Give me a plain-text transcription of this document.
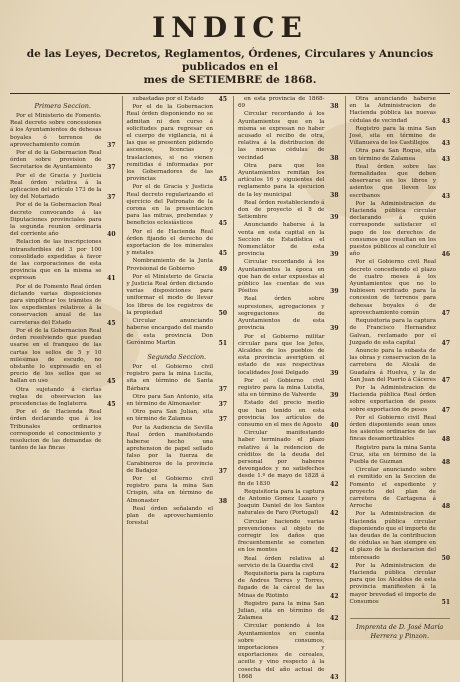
INDICE
de las Leyes, Decretos, Reglamentos, Órdenes, Circulares y Anuncios publicados en el
mes de SETIEMBRE de 1868.
Primera Seccion.
Por el Ministerio de Fomento. Real decreto sobre concesiones á los Ayuntamientos de dehesas boyales ó terrenos de aprovechamiento común	37
Por el de la Gobernacion Real órden sobre provision de Secretarios de Ayuntamiento	37
Por el de Gracia y Justicia Real órden relativa á la aplicacion del artículo 173 de la ley del Notariado	37
Por el de la Gobernacion Real decreto convocando á las Diputaciones provinciales para la segunda reunion ordinaria del corriente año	40
Relacion de las inscripciones intransferibles del 3 por 100 consolidado expedidas á favor de las corporaciones de esta provincia que en la misma se expresan	41
Por el de Fomento Real órden dictando varias disposiciones para simplificar los trámites de los expedientes relativos á la conservacion anual de las carreteras del Estado	45
Por el de la Gobernacion Real órden resolviendo que puedan usarse en el franqueo de las cartas los sellos de 5 y 10 milésimas de escudo, no obstante lo expresado en el precio de los sellos que se hallan en uso	45
Otra sujetando á ciertas reglas de observacion las procedencias de Inglaterra	45
Por el de Hacienda Real órden declarando que á los Tribunales ordinarios corresponde el conocimiento y resolucion de las demandas de tanteo de las fincas
subastadas por el Estado	45
Por el de la Gobernacion Real órden disponiendo no se admitan ni den curso á solicitudes para regresar en el cuerpo de vigilancia, ni á las que se presenten pidiendo ascensos, licencias y traslaciones, si no vienen remitidas é informadas por los Gobernadores de las provincias	45
Por el de Gracia y Justicia Real decreto regularizando el ejercicio del Patronato de la corona en la presentacion para las mitras, prebendas y beneficios eclesiásticos	45
Por el de Hacienda Real órden fijando el derecho de exportacion de los minerales y metales	45
Nombramiento de la Junta Provisional de Gobierno	49
Por el Ministerio de Gracia y Justicia Real órden dictando varias disposiciones para uniformar el modo de llevar los libros de los registros de la propiedad	50
Circular anunciando haberse encargado del mando de esta provincia Don Gerónimo Martin	51
Segunda Seccion.
Por el Gobierno civil registro para la mina Lucila, sita en término de Santa Bárbara	37
Otro para San Antonio, sita en término de Almonaster	37
Otro para San Julian, sita en término de Zalamea	37
Por la Audiencia de Sevilla Real órden manifestando haberse hecho una aprehension de papel sellado falso por la fuerza de Carabineros de la provincia de Badajoz	37
Por el Gobierno civil registro para la mina San Crispin, sita en término de Almonaster	38
Real órden señalando el plan de aprovechamiento forestal
en esta provincia de 1868-69	38
Circular recordando á los Ayuntamientos que en la misma se expresan no haber acusado el recibo de otra, relativa á la distribucion de las nuevas cédulas de vecindad	38
Otra para que los Ayuntamientos remitan los artículos 16 y siguientes del reglamento para la ejecucion de la ley municipal	38
Real órden restableciendo á don de proyecto el 8 de Setiembre	39
Anunciando haberse á la venta en esta capital en la Seccion de Estadística el Nomenclátor de esta provincia	39
Circular recordando á los Ayuntamientos la época en que han de estar expuestas al público las cuentas de sus Pósitos	39
Real órden sobre supresiones, agregaciones y segregaciones de Ayuntamientos de esta provincia	39
Por el Gobierno militar circular para que los Jefes, Alcaldes de los pueblos de esta provincia averigüen el estado de sus respectivas localidades José Delgado	39
Por el Gobierno civil registro para la mina Luisita, sita en término de Valverde	39
Estado del precio medio que han tenido en esta provincia los artículos de consumo en el mes de Agosto	40
Circular manifestando haber terminado el plazo relativo á la redencion de créditos de la deuda del personal por haberes devengados y no satisfechos desde 1.º de mayo de 1828 á fin de 1830	42
Requisitoria para la captura de Antonio Gomez Lazaro y Joaquin Daniel de los Santos naturales de Faro (Portugal)	42
Circular haciendo varias prevenciones al objeto de corregir los daños que frecuentemente se cometen en los montes	42
Real órden relativa al servicio de la Guardia civil	42
Requisitoria para la captura de Andres Torres y Torres, fugado de la cárcel de las Minas de Riotinto	42
Registro para la mina San Julian, sita en término de Zalamea	42
Circular poniendo á los Ayuntamientos en cuenta sobre consumos, importaciones y exportaciones de cereales, aceite y vino respecto á la cosecha del año actual de 1868	43
Otra anunciando haberse en la Administracion de Hacienda pública las nuevas cédulas de vecindad	43
Registro para la mina San José, sita en término de Villanueva de los Castillejos	43
Otra para San Roque, sita en término de Zalamea	43
Real órden sobre las formalidades que deben observarse en los libros y asientos que lleven los escribanos	43
Por la Administracion de Hacienda pública circular declarando á quién corresponde satisfacer el pago de los derechos de consumos que resultan en los puestos públicos al concluir el año	46
Por el Gobierno civil Real decreto concediendo el plazo de cuatro meses á los Ayuntamientos que no lo hubiesen verificado para la concesion de terrenos para dehesas boyales ó de aprovechamiento común	47
Requisitoria para la captura de Francisco Hernandez Galvan, reclamado por el Juzgado de esta capital	47
Anuncio para la subasta de las obras y conservacion de la carretera de Alcalá de Guadaíra á Huelva, y la de San Juan del Puerto á Cáceres 47
Por la Administracion de Hacienda pública Real órden sobre exportacion de pesos sobre exportacion de pesos	47
Por el Gobierno civil Real órden disponiendo sean unos los asientos ordinarios de las fincas desamortizables	48
Registro para la mina Santa Cruz, sita en término de la Puebla de Guzman	48
Circular anunciando sobre el remitido en la Seccion de Fomento el expediente y proyecto del plan de carretera de Cartagena á Arroche	48
Por la Administracion de Hacienda pública circular disponiendo que el importe de las deudas de la contribucion de cédulas se han siempre en el plazo de la declaracion del interesado	50
Por la Administracion de Hacienda pública circular para que los Alcaldes de esta provincia manifiesten á la mayor brevedad el importe de Consumos	51
Imprenta de D. José María
Herrera y Pinzon.
